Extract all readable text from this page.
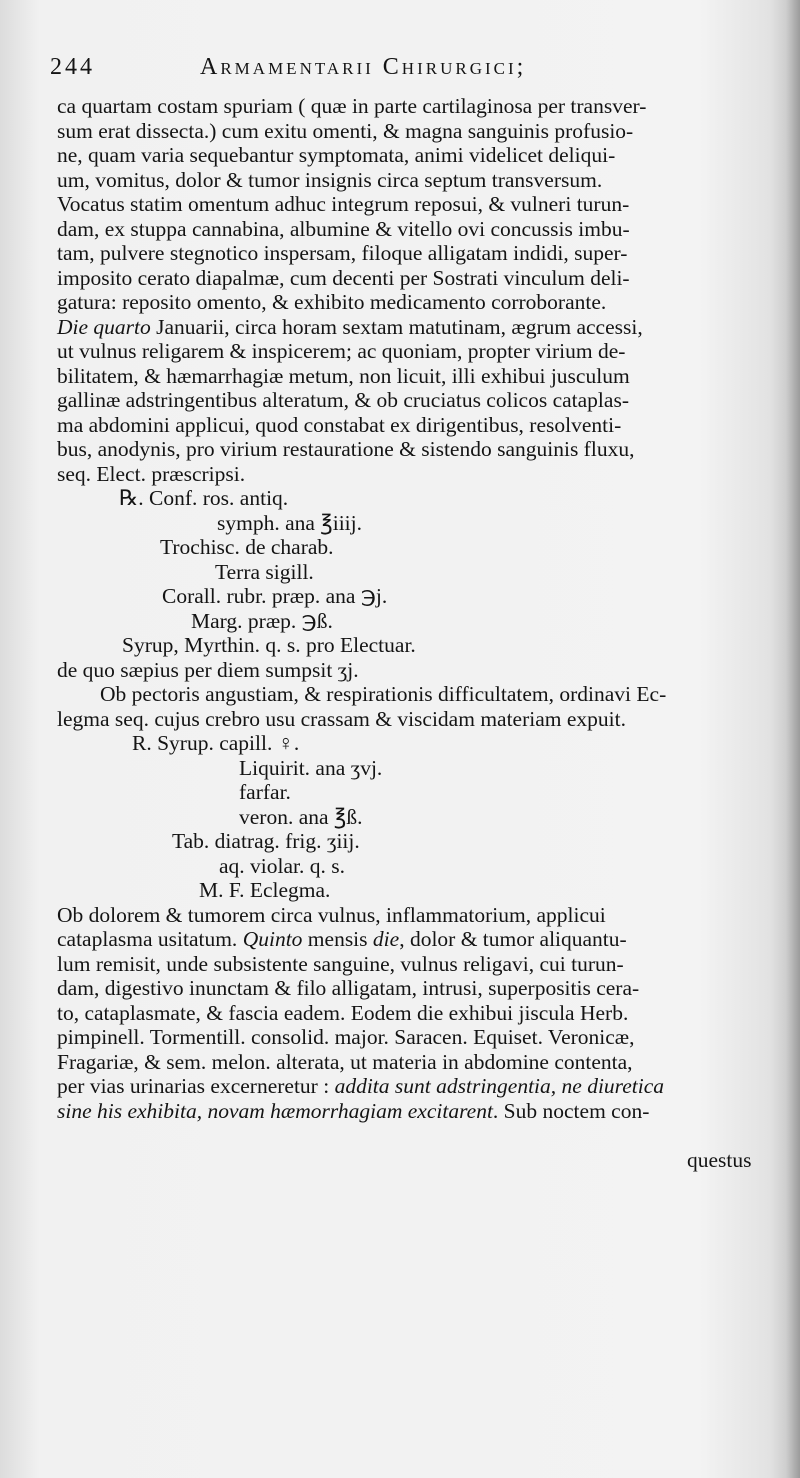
244	Armamentarii Chirurgici;
ca quartam costam spuriam ( quæ in parte cartilaginosa per transver-
sum erat dissecta.) cum exitu omenti, & magna sanguinis profusio-
ne, quam varia sequebantur symptomata, animi videlicet deliqui-
um, vomitus, dolor & tumor insignis circa septum transversum.
Vocatus statim omentum adhuc integrum reposui, & vulneri turun-
dam, ex stuppa cannabina, albumine & vitello ovi concussis imbu-
tam, pulvere stegnotico inspersam, filoque alligatam indidi, super-
imposito cerato diapalmæ, cum decenti per Sostrati vinculum deli-
gatura: reposito omento, & exhibito medicamento corroborante.
Die quarto Januarii, circa horam sextam matutinam, ægrum accessi,
ut vulnus religarem & inspicerem; ac quoniam, propter virium de-
bilitatem, & hæmarrhagiæ metum, non licuit, illi exhibui jusculum
gallinæ adstringentibus alteratum, & ob cruciatus colicos cataplas-
ma abdomini applicui, quod constabat ex dirigentibus, resolventi-
bus, anodynis, pro virium restauratione & sistendo sanguinis fluxu,
seq. Elect. præscripsi.
℞. Conf. ros. antiq.
symph. ana ℥iiij.
Trochisc. de charab.
Terra sigill.
Corall. rubr. præp. ana ℈j.
Marg. præp. ℈ß.
Syrup, Myrthin. q. s. pro Electuar.
de quo sæpius per diem sumpsit ʒj.
Ob pectoris angustiam, & respirationis difficultatem, ordinavi Ec-
legma seq. cujus crebro usu crassam & viscidam materiam expuit.
R. Syrup. capill. ♀.
Liquirit. ana ʒvj.
farfar.
veron. ana ℥ß.
Tab. diatrag. frig. ʒiij.
aq. violar. q. s.
M. F. Eclegma.
Ob dolorem & tumorem circa vulnus, inflammatorium, applicui
cataplasma usitatum. Quinto mensis die, dolor & tumor aliquantu-
lum remisit, unde subsistente sanguine, vulnus religavi, cui turun-
dam, digestivo inunctam & filo alligatam, intrusi, superpositis cera-
to, cataplasmate, & fascia eadem. Eodem die exhibui jiscula Herb.
pimpinell. Tormentill. consolid. major. Saracen. Equiset. Veronicæ,
Fragariæ, & sem. melon. alterata, ut materia in abdomine contenta,
per vias urinarias excerneretur : addita sunt adstringentia, ne diuretica
sine his exhibita, novam hæmorrhagiam excitarent. Sub noctem con-
questus
